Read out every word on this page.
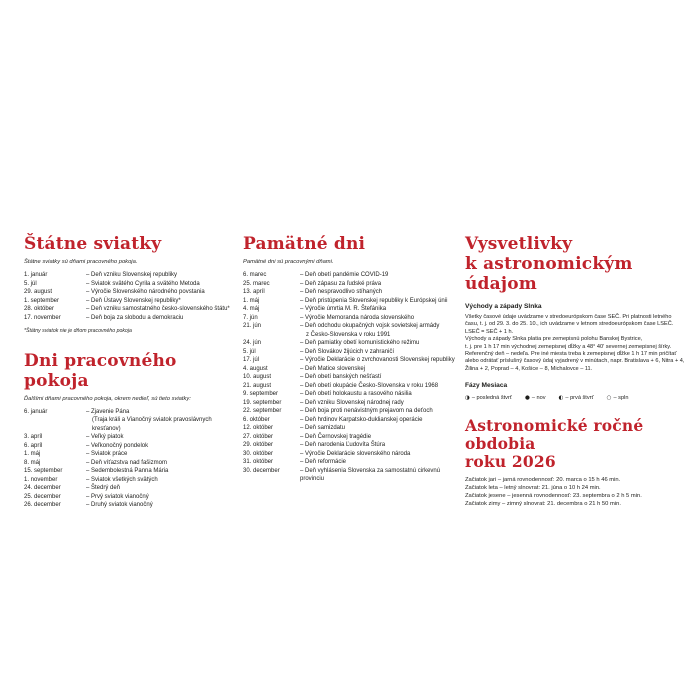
Štátne sviatky
Štátne sviatky sú dňami pracovného pokoja.
1. január	– Deň vzniku Slovenskej republiky
5. júl	– Sviatok svätého Cyrila a svätého Metoda
29. august	– Výročie Slovenského národného povstania
1. september	– Deň Ústavy Slovenskej republiky*
28. október	– Deň vzniku samostatného česko-slovenského štátu*
17. november	– Deň boja za slobodu a demokraciu
*Štátny sviatok nie je dňom pracovného pokoja
Dni pracovného pokoja
Ďalšími dňami pracovného pokoja, okrem nedieľ, sú tieto sviatky:
6. január	– Zjavenie Pána
(Traja králi a Vianočný sviatok pravoslávnych kresťanov)
3. apríl	– Veľký piatok
6. apríl	– Veľkonočný pondelok
1. máj	– Sviatok práce
8. máj	– Deň víťazstva nad fašizmom
15. september	– Sedembolestná Panna Mária
1. november	– Sviatok všetkých svätých
24. december	– Štedrý deň
25. december	– Prvý sviatok vianočný
26. december	– Druhý sviatok vianočný
Pamätné dni
Pamätné dni sú pracovnými dňami.
6. marec	– Deň obetí pandémie COVID-19
25. marec	– Deň zápasu za ľudské práva
13. apríl	– Deň nespravodlivo stíhaných
1. máj	– Deň pristúpenia Slovenskej republiky k Európskej únii
4. máj	– Výročie úmrtia M. R. Štefánika
7. jún	– Výročie Memoranda národa slovenského
21. jún	– Deň odchodu okupačných vojsk sovietskej armády
z Česko-Slovenska v roku 1991
24. jún	– Deň pamiatky obetí komunistického režimu
5. júl	– Deň Slovákov žijúcich v zahraničí
17. júl	– Výročie Deklarácie o zvrchovanosti Slovenskej republiky
4. august	– Deň Matice slovenskej
10. august	– Deň obetí banských nešťastí
21. august	– Deň obetí okupácie Česko-Slovenska v roku 1968
9. september	– Deň obetí holokaustu a rasového násilia
19. september	– Deň vzniku Slovenskej národnej rady
22. september	– Deň boja proti nenávistným prejavom na deťoch
6. október	– Deň hrdinov Karpatsko-duklianskej operácie
12. október	– Deň samizdatu
27. október	– Deň Černovskej tragédie
29. október	– Deň narodenia Ľudovíta Štúra
30. október	– Výročie Deklarácie slovenského národa
31. október	– Deň reformácie
30. december	– Deň vyhlásenia Slovenska za samostatnú cirkevnú provinciu
Vysvetlivky
k astronomickým údajom
Východy a západy Slnka
Všetky časové údaje uvádzame v stredoeurópskom čase SEČ. Pri platnosti letného
času, t. j. od 29. 3. do 25. 10., ich uvádzame v letnom stredoeurópskom čase LSEČ.
LSEČ = SEČ + 1 h.
Východy a západy Slnka platia pre zemepisnú polohu Banskej Bystrice,
t. j. pre 1 h 17 min východnej zemepisnej dĺžky a 48° 40′ severnej zemepisnej šírky.
Referenčný deň – nedeľa. Pre iné miesta treba k zemepisnej dĺžke 1 h 17 min pričítať
alebo odrátať príslušný časový údaj vyjadrený v minútach, napr. Bratislava + 6, Nitra + 4,
Žilina + 2, Poprad – 4, Košice – 8, Michalovce – 11.
Fázy Mesiaca
◑ – posledná štvrť ● – nov ◐ – prvá štvrť ○ – spln
Astronomické ročné obdobia
roku 2026
Začiatok jari – jarná rovnodennosť: 20. marca o 15 h 46 min.
Začiatok leta – letný slnovrat: 21. júna o 10 h 24 min.
Začiatok jesene – jesenná rovnodennosť: 23. septembra o 2 h 5 min.
Začiatok zimy – zimný slnovrat: 21. decembra o 21 h 50 min.
